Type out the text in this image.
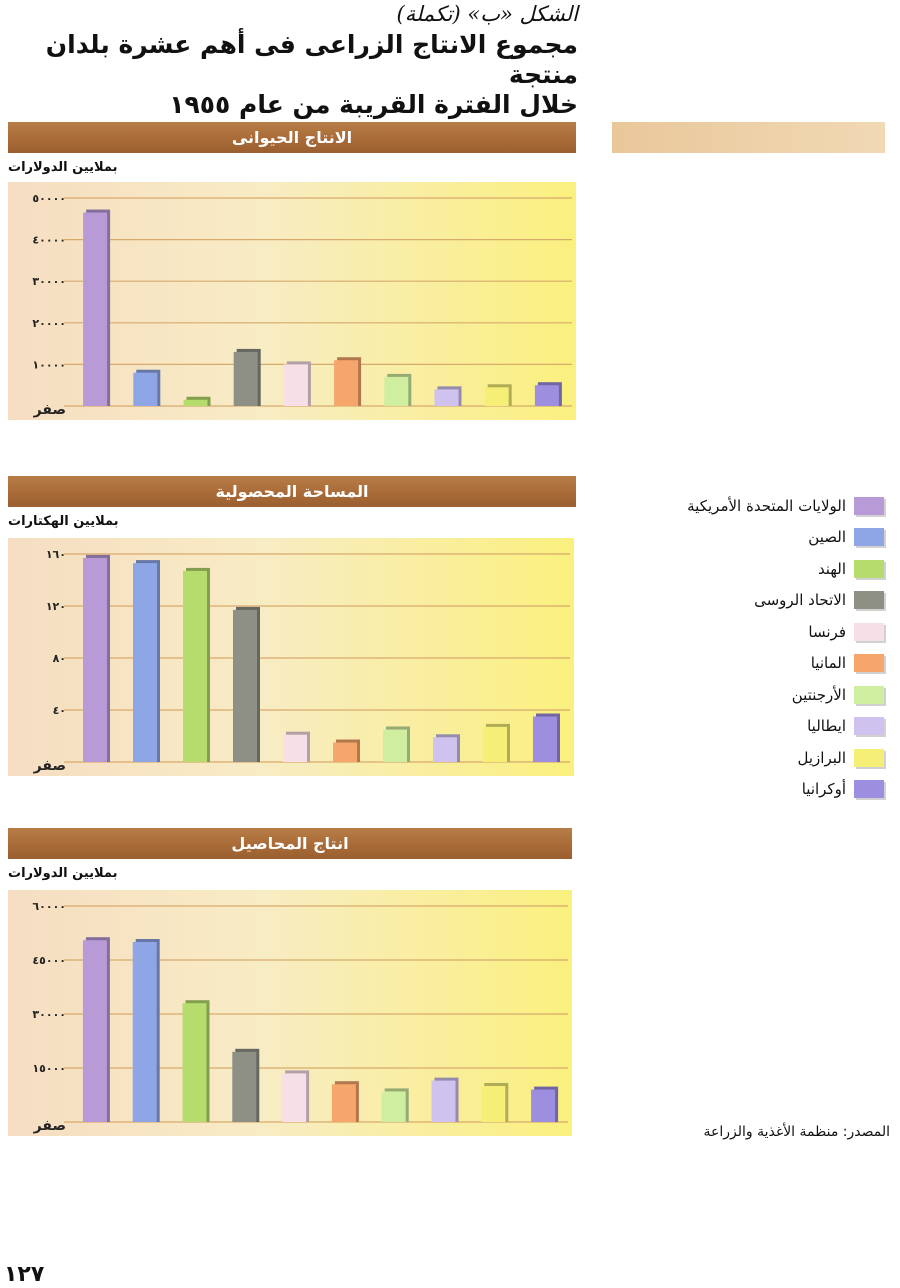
الشكل «ب» (تكملة)
مجموع الانتاج الزراعى فى أهم عشرة بلدان منتجة
خلال الفترة القريبة من عام ١٩٥٥
الانتاج الحيوانى
بملايين الدولارات
صفر
١٠٠٠٠
٢٠٠٠٠
٣٠٠٠٠
٤٠٠٠٠
٥٠٠٠٠
المساحة المحصولية
بملايين الهكتارات
صفر
٤٠
٨٠
١٢٠
١٦٠
انتاج المحاصيل
بملايين الدولارات
صفر
١٥٠٠٠
٣٠٠٠٠
٤٥٠٠٠
٦٠٠٠٠
الولايات المتحدة الأمريكية
الصين
الهند
الاتحاد الروسى
فرنسا
المانيا
الأرجنتين
ايطاليا
البرازيل
أوكرانيا
المصدر: منظمة الأغذية والزراعة
١٢٧
